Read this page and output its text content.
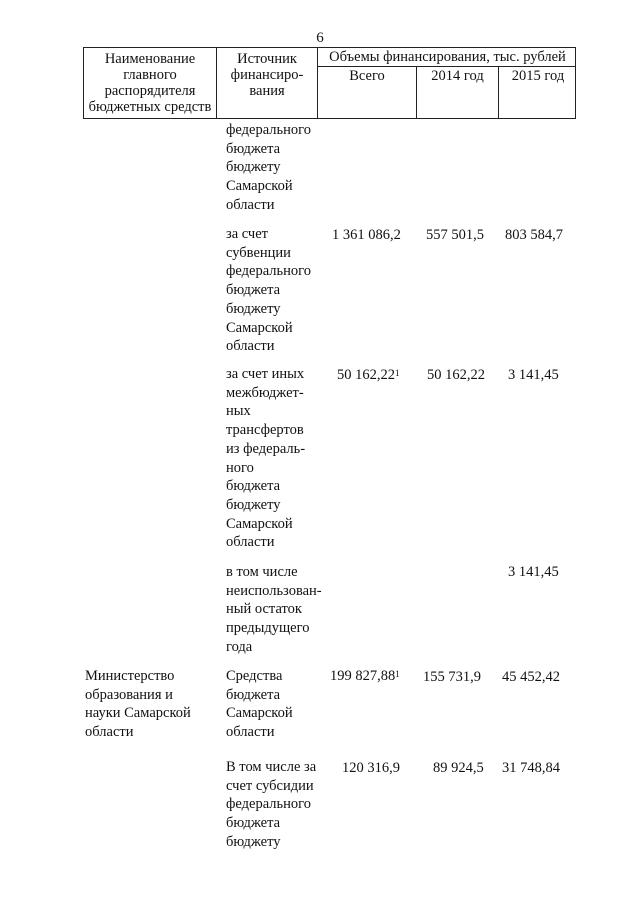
6
Наименование
главного
распорядителя
бюджетных средств
Источник
финансиро-
вания
Объемы финансирования, тыс. рублей
Всего	2014 год	2015 год
федерального
бюджета
бюджету
Самарской
области
за счет
субвенции
федерального
бюджета
бюджету
Самарской
области
1 361 086,2 557 501,5 803 584,7
за счет иных
межбюджет-
ных
трансфертов
из федераль-
ного
бюджета
бюджету
Самарской
области
50 162,22$^1$ 50 162,22 3 141,45
в том числе
неиспользован-
ный остаток
предыдущего
года
3 141,45
Министерство
образования и
науки Самарской
области
Средства
бюджета
Самарской
области
199 827,88$^1$ 155 731,9 45 452,42
В том числе за
счет субсидии
федерального
бюджета
бюджету
120 316,9 89 924,5 31 748,84
